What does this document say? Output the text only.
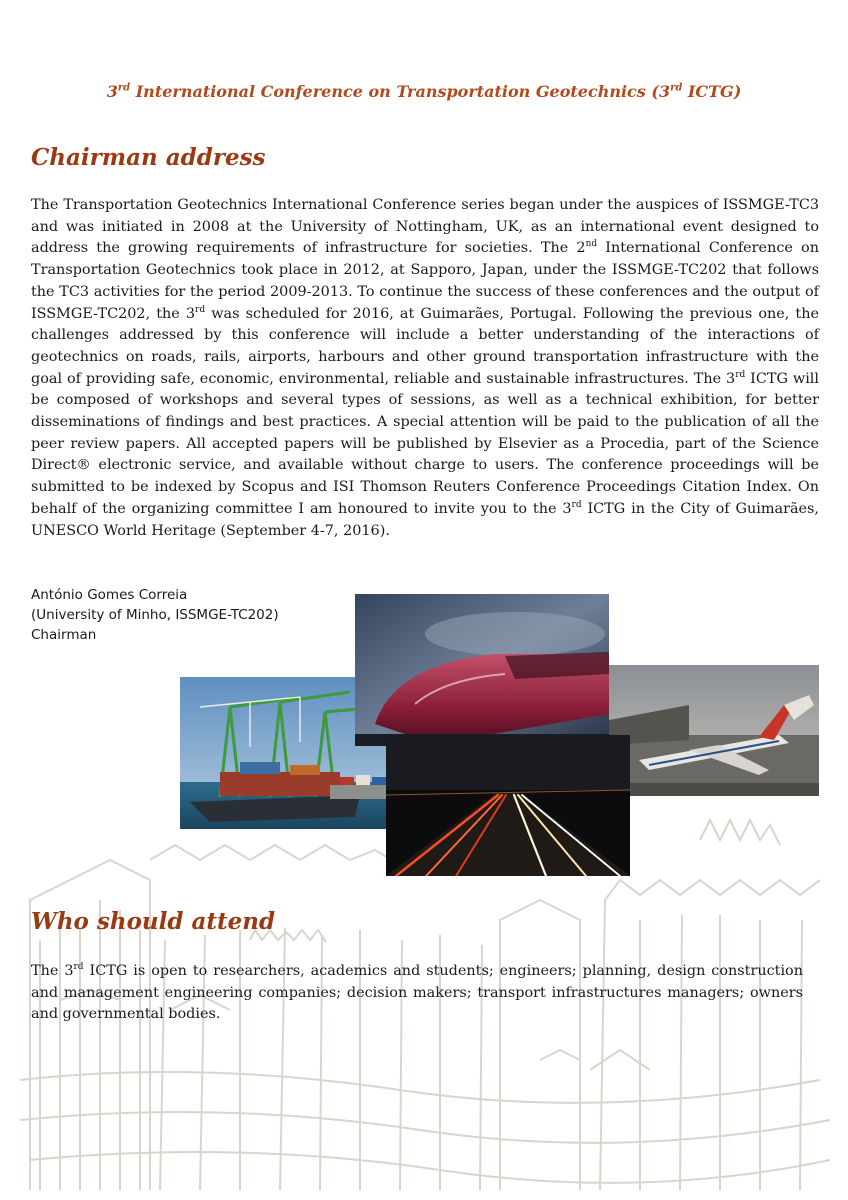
3rd International Conference on Transportation Geotechnics (3rd ICTG)
Chairman address
The Transportation Geotechnics International Conference series began under the auspices of ISSMGE-TC3 and was initiated in 2008 at the University of Nottingham, UK, as an international event designed to address the growing requirements of infrastructure for societies. The 2nd International Conference on Transportation Geotechnics took place in 2012, at Sapporo, Japan, under the ISSMGE-TC202 that follows the TC3 activities for the period 2009-2013. To continue the success of these conferences and the output of ISSMGE-TC202, the 3rd was scheduled for 2016, at Guimarães, Portugal. Following the previous one, the challenges addressed by this conference will include a better understanding of the interactions of geotechnics on roads, rails, airports, harbours and other ground transportation infrastructure with the goal of providing safe, economic, environmental, reliable and sustainable infrastructures. The 3rd ICTG will be composed of workshops and several types of sessions, as well as a technical exhibition, for better disseminations of findings and best practices. A special attention will be paid to the publication of all the peer review papers. All accepted papers will be published by Elsevier as a Procedia, part of the Science Direct® electronic service, and available without charge to users. The conference proceedings will be submitted to be indexed by Scopus and ISI Thomson Reuters Conference Proceedings Citation Index. On behalf of the organizing committee I am honoured to invite you to the 3rd ICTG in the City of Guimarães, UNESCO World Heritage (September 4-7, 2016).
António Gomes Correia
(University of Minho, ISSMGE-TC202)
Chairman
Who should attend
The 3rd ICTG is open to researchers, academics and students; engineers; planning, design construction and management engineering companies; decision makers; transport infrastructures managers; owners and governmental bodies.
